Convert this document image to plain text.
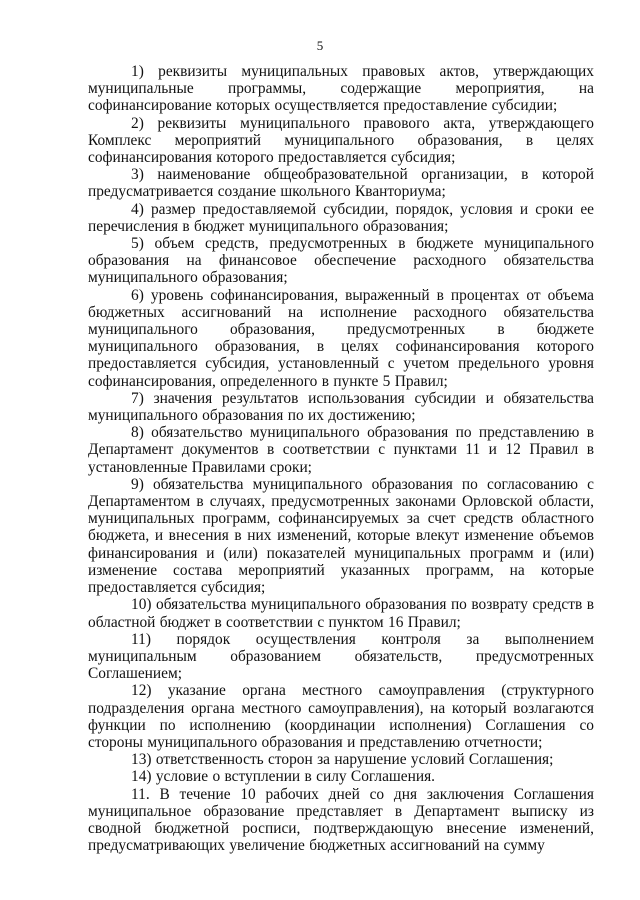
5

1) реквизиты муниципальных правовых актов, утверждающих муниципальные программы, содержащие мероприятия, на софинансирование которых осуществляется предоставление субсидии;

2) реквизиты муниципального правового акта, утверждающего Комплекс мероприятий муниципального образования, в целях софинансирования которого предоставляется субсидия;

3) наименование общеобразовательной организации, в которой предусматривается создание школьного Кванториума;

4) размер предоставляемой субсидии, порядок, условия и сроки ее перечисления в бюджет муниципального образования;

5) объем средств, предусмотренных в бюджете муниципального образования на финансовое обеспечение расходного обязательства муниципального образования;

6) уровень софинансирования, выраженный в процентах от объема бюджетных ассигнований на исполнение расходного обязательства муниципального образования, предусмотренных в бюджете муниципального образования, в целях софинансирования которого предоставляется субсидия, установленный с учетом предельного уровня софинансирования, определенного в пункте 5 Правил;

7) значения результатов использования субсидии и обязательства муниципального образования по их достижению;

8) обязательство муниципального образования по представлению в Департамент документов в соответствии с пунктами 11 и 12 Правил в установленные Правилами сроки;

9) обязательства муниципального образования по согласованию с Департаментом в случаях, предусмотренных законами Орловской области, муниципальных программ, софинансируемых за счет средств областного бюджета, и внесения в них изменений, которые влекут изменение объемов финансирования и (или) показателей муниципальных программ и (или) изменение состава мероприятий указанных программ, на которые предоставляется субсидия;

10) обязательства муниципального образования по возврату средств в областной бюджет в соответствии с пунктом 16 Правил;

11) порядок осуществления контроля за выполнением муниципальным образованием обязательств, предусмотренных Соглашением;

12) указание органа местного самоуправления (структурного подразделения органа местного самоуправления), на который возлагаются функции по исполнению (координации исполнения) Соглашения со стороны муниципального образования и представлению отчетности;

13) ответственность сторон за нарушение условий Соглашения;

14) условие о вступлении в силу Соглашения.

11. В течение 10 рабочих дней со дня заключения Соглашения муниципальное образование представляет в Департамент выписку из сводной бюджетной росписи, подтверждающую внесение изменений, предусматривающих увеличение бюджетных ассигнований на сумму
